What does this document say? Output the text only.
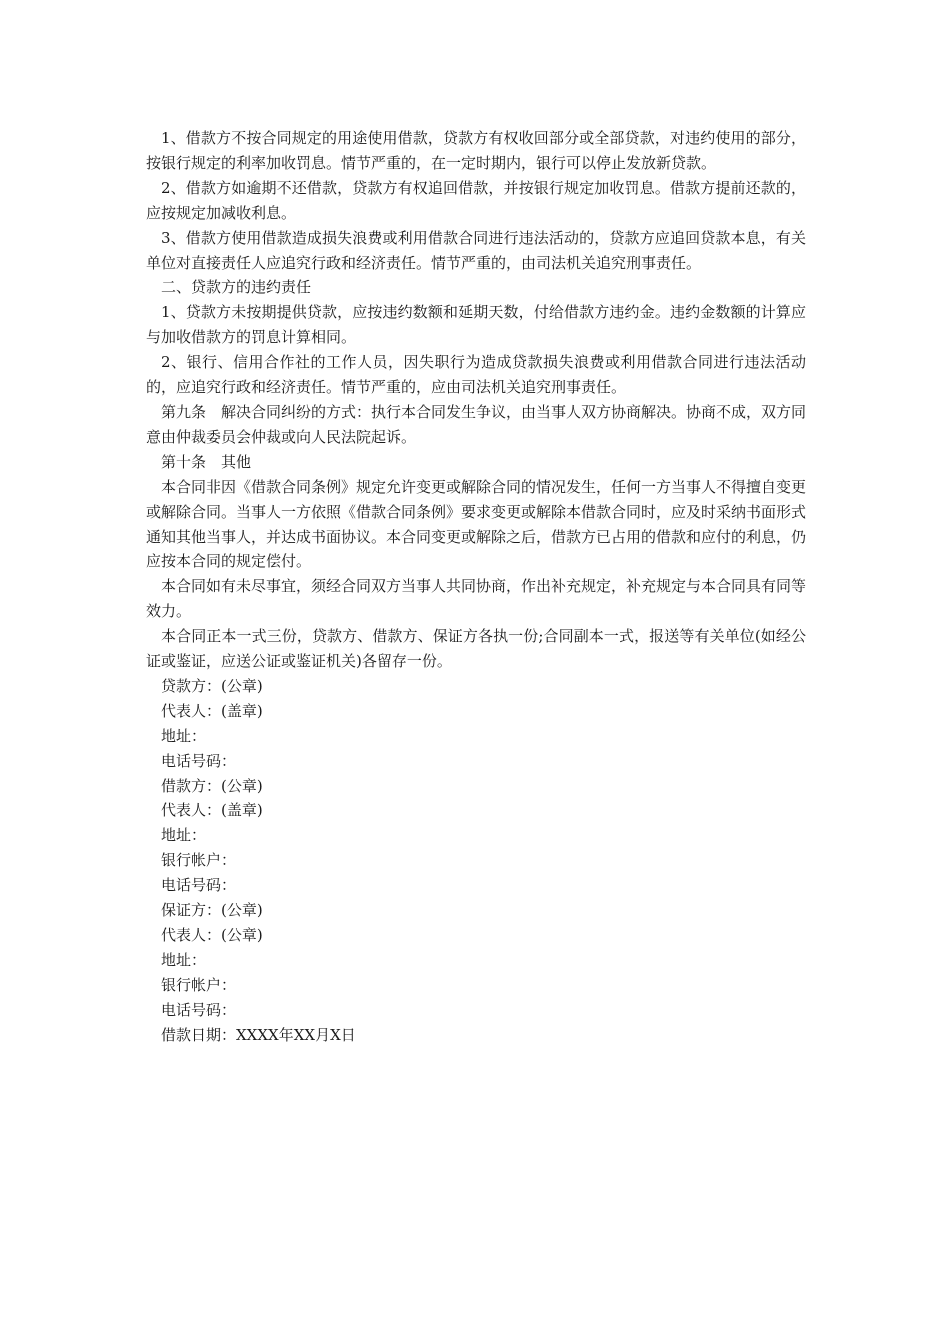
1、借款方不按合同规定的用途使用借款，贷款方有权收回部分或全部贷款，对违约使用的部分，按银行规定的利率加收罚息。情节严重的，在一定时期内，银行可以停止发放新贷款。

2、借款方如逾期不还借款，贷款方有权追回借款，并按银行规定加收罚息。借款方提前还款的，应按规定加减收利息。

3、借款方使用借款造成损失浪费或利用借款合同进行违法活动的，贷款方应追回贷款本息，有关单位对直接责任人应追究行政和经济责任。情节严重的，由司法机关追究刑事责任。

二、贷款方的违约责任

1、贷款方未按期提供贷款，应按违约数额和延期天数，付给借款方违约金。违约金数额的计算应与加收借款方的罚息计算相同。

2、银行、信用合作社的工作人员，因失职行为造成贷款损失浪费或利用借款合同进行违法活动的，应追究行政和经济责任。情节严重的，应由司法机关追究刑事责任。

第九条　解决合同纠纷的方式：执行本合同发生争议，由当事人双方协商解决。协商不成，双方同意由仲裁委员会仲裁或向人民法院起诉。

第十条　其他

本合同非因《借款合同条例》规定允许变更或解除合同的情况发生，任何一方当事人不得擅自变更或解除合同。当事人一方依照《借款合同条例》要求变更或解除本借款合同时，应及时采纳书面形式通知其他当事人，并达成书面协议。本合同变更或解除之后，借款方已占用的借款和应付的利息，仍应按本合同的规定偿付。

本合同如有未尽事宜，须经合同双方当事人共同协商，作出补充规定，补充规定与本合同具有同等效力。

本合同正本一式三份，贷款方、借款方、保证方各执一份;合同副本一式，报送等有关单位(如经公证或鉴证，应送公证或鉴证机关)各留存一份。

贷款方：(公章)

代表人：(盖章)

地址：

电话号码：

借款方：(公章)

代表人：(盖章)

地址：

银行帐户：

电话号码：

保证方：(公章)

代表人：(公章)

地址：

银行帐户：

电话号码：

借款日期：XXXX年XX月X日
